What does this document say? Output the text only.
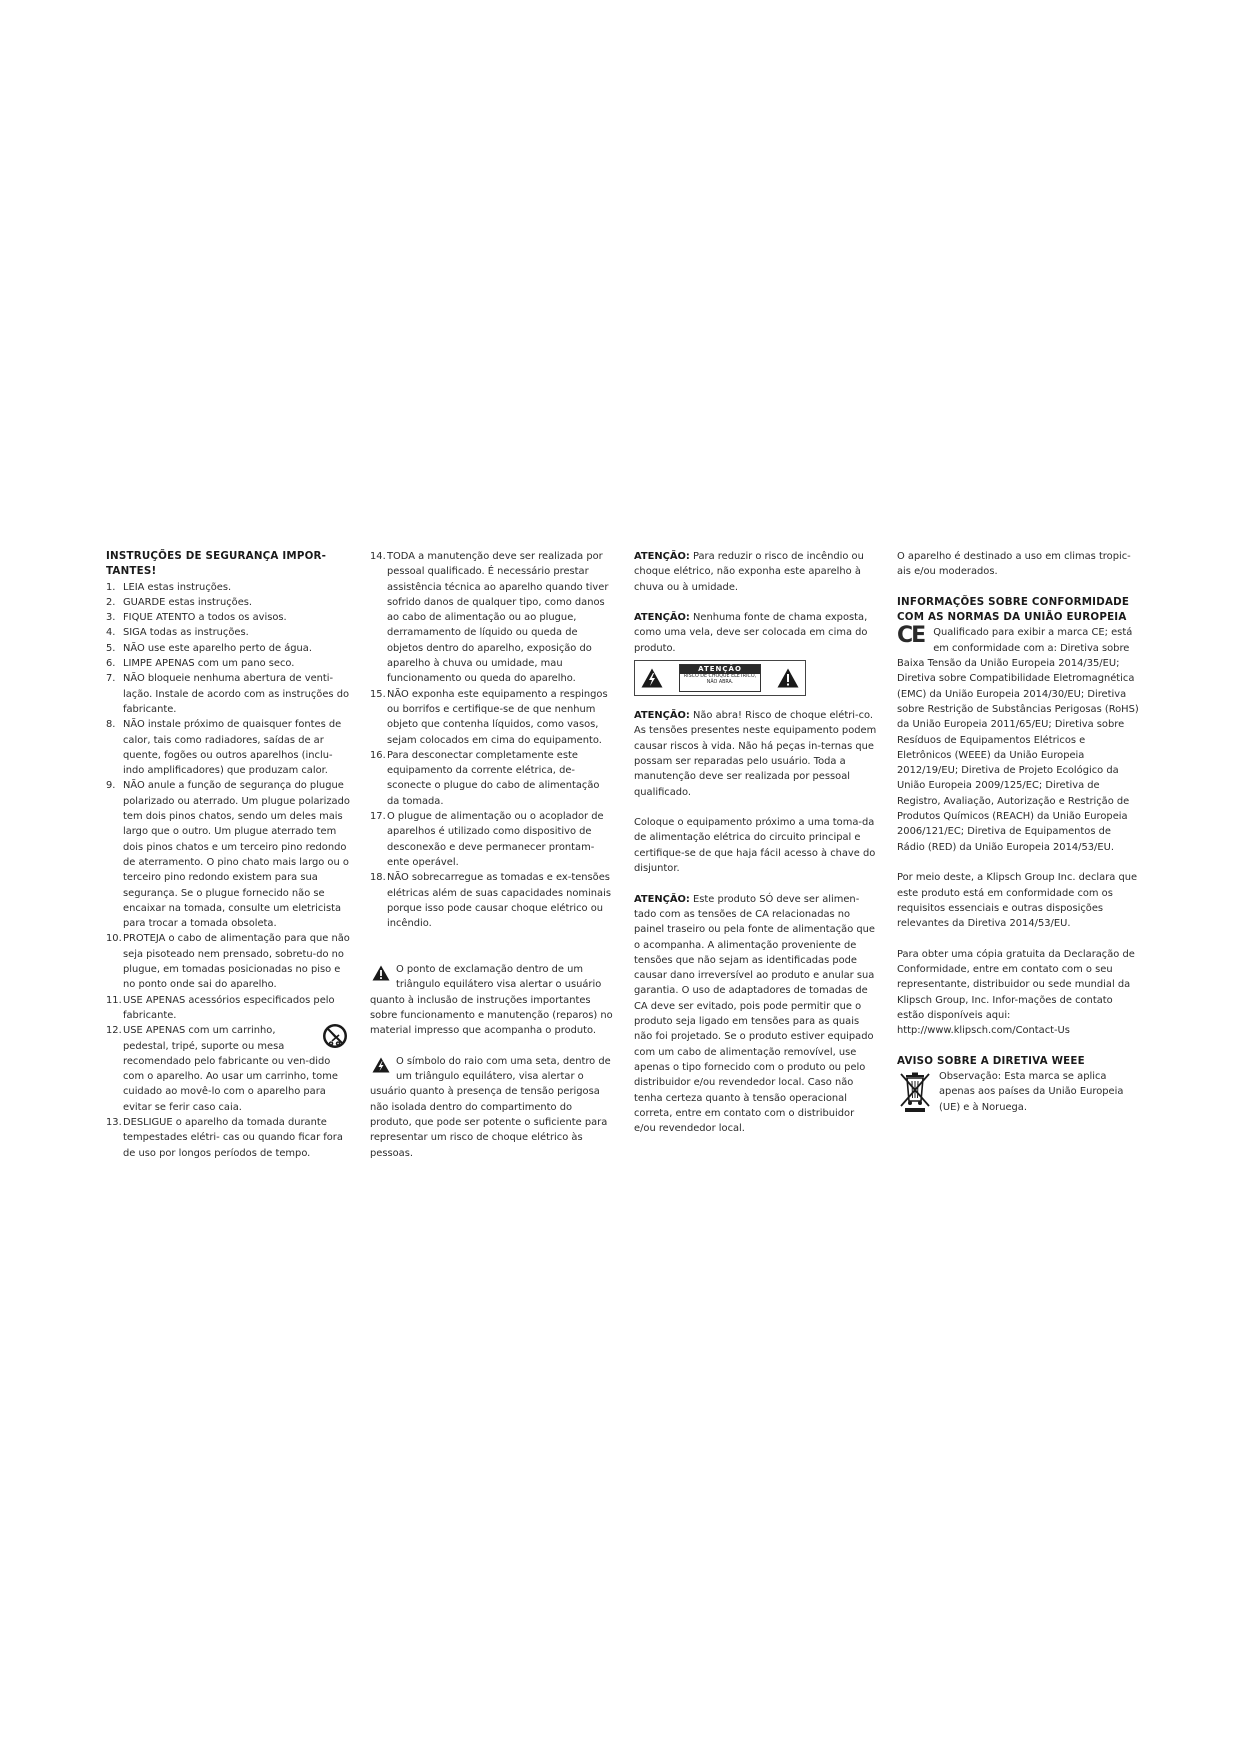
INSTRUÇÕES DE SEGURANÇA IMPOR-TANTES!
1. LEIA estas instruções.
2. GUARDE estas instruções.
3. FIQUE ATENTO a todos os avisos.
4. SIGA todas as instruções.
5. NÃO use este aparelho perto de água.
6. LIMPE APENAS com um pano seco.
7. NÃO bloqueie nenhuma abertura de venti-lação. Instale de acordo com as instruções do fabricante.
8. NÃO instale próximo de quaisquer fontes de calor, tais como radiadores, saídas de ar quente, fogões ou outros aparelhos (inclu-indo amplificadores) que produzam calor.
9. NÃO anule a função de segurança do plugue polarizado ou aterrado. Um plugue polarizado tem dois pinos chatos, sendo um deles mais largo que o outro. Um plugue aterrado tem dois pinos chatos e um terceiro pino redondo de aterramento. O pino chato mais largo ou o terceiro pino redondo existem para sua segurança. Se o plugue fornecido não se encaixar na tomada, consulte um eletricista para trocar a tomada obsoleta.
10. PROTEJA o cabo de alimentação para que não seja pisoteado nem prensado, sobretu-do no plugue, em tomadas posicionadas no piso e no ponto onde sai do aparelho.
11. USE APENAS acessórios especificados pelo fabricante.
12. USE APENAS com um carrinho, pedestal, tripé, suporte ou mesa recomendado pelo fabricante ou ven-dido com o aparelho. Ao usar um carrinho, tome cuidado ao movê-lo com o aparelho para evitar se ferir caso caia.
13. DESLIGUE o aparelho da tomada durante tempestades elétri- cas ou quando ficar fora de uso por longos períodos de tempo.
14. TODA a manutenção deve ser realizada por pessoal qualificado. É necessário prestar assistência técnica ao aparelho quando tiver sofrido danos de qualquer tipo, como danos ao cabo de alimentação ou ao plugue, derramamento de líquido ou queda de objetos dentro do aparelho, exposição do aparelho à chuva ou umidade, mau funcionamento ou queda do aparelho.
15. NÃO exponha este equipamento a respingos ou borrifos e certifique-se de que nenhum objeto que contenha líquidos, como vasos, sejam colocados em cima do equipamento.
16. Para desconectar completamente este equipamento da corrente elétrica, de-sconecte o plugue do cabo de alimentação da tomada.
17. O plugue de alimentação ou o acoplador de aparelhos é utilizado como dispositivo de desconexão e deve permanecer prontam-ente operável.
18. NÃO sobrecarregue as tomadas e ex-tensões elétricas além de suas capacidades nominais porque isso pode causar choque elétrico ou incêndio.

O ponto de exclamação dentro de um triângulo equilátero visa alertar o usuário quanto à inclusão de instruções importantes sobre funcionamento e manutenção (reparos) no material impresso que acompanha o produto.

O símbolo do raio com uma seta, dentro de um triângulo equilátero, visa alertar o usuário quanto à presença de tensão perigosa não isolada dentro do compartimento do produto, que pode ser potente o suficiente para representar um risco de choque elétrico às pessoas.

ATENÇÃO: Para reduzir o risco de incêndio ou choque elétrico, não exponha este aparelho à chuva ou à umidade.

ATENÇÃO: Nenhuma fonte de chama exposta, como uma vela, deve ser colocada em cima do produto.

ATENÇÃO
RISCO DE CHOQUE ELÉTRICO,
NÃO ABRA.

ATENÇÃO: Não abra! Risco de choque elétri-co. As tensões presentes neste equipamento podem causar riscos à vida. Não há peças in-ternas que possam ser reparadas pelo usuário. Toda a manutenção deve ser realizada por pessoal qualificado.

Coloque o equipamento próximo a uma toma-da de alimentação elétrica do circuito principal e certifique-se de que haja fácil acesso à chave do disjuntor.

ATENÇÃO: Este produto SÓ deve ser alimen-tado com as tensões de CA relacionadas no painel traseiro ou pela fonte de alimentação que o acompanha. A alimentação proveniente de tensões que não sejam as identificadas pode causar dano irreversível ao produto e anular sua garantia. O uso de adaptadores de tomadas de CA deve ser evitado, pois pode permitir que o produto seja ligado em tensões para as quais não foi projetado. Se o produto estiver equipado com um cabo de alimentação removível, use apenas o tipo fornecido com o produto ou pelo distribuidor e/ou revendedor local. Caso não tenha certeza quanto à tensão operacional correta, entre em contato com o distribuidor e/ou revendedor local.

O aparelho é destinado a uso em climas tropic-ais e/ou moderados.

INFORMAÇÕES SOBRE CONFORMIDADE COM AS NORMAS DA UNIÃO EUROPEIA

CE Qualificado para exibir a marca CE; está em conformidade com a: Diretiva sobre Baixa Tensão da União Europeia 2014/35/EU; Diretiva sobre Compatibilidade Eletromagnética (EMC) da União Europeia 2014/30/EU; Diretiva sobre Restrição de Substâncias Perigosas (RoHS) da União Europeia 2011/65/EU; Diretiva sobre Resíduos de Equipamentos Elétricos e Eletrônicos (WEEE) da União Europeia 2012/19/EU; Diretiva de Projeto Ecológico da União Europeia 2009/125/EC; Diretiva de Registro, Avaliação, Autorização e Restrição de Produtos Químicos (REACH) da União Europeia 2006/121/EC; Diretiva de Equipamentos de Rádio (RED) da União Europeia 2014/53/EU.

Por meio deste, a Klipsch Group Inc. declara que este produto está em conformidade com os requisitos essenciais e outras disposições relevantes da Diretiva 2014/53/EU.

Para obter uma cópia gratuita da Declaração de Conformidade, entre em contato com o seu representante, distribuidor ou sede mundial da Klipsch Group, Inc. Infor-mações de contato estão disponíveis aqui: http://www.klipsch.com/Contact-Us

AVISO SOBRE A DIRETIVA WEEE

Observação: Esta marca se aplica apenas aos países da União Europeia (UE) e à Noruega.
